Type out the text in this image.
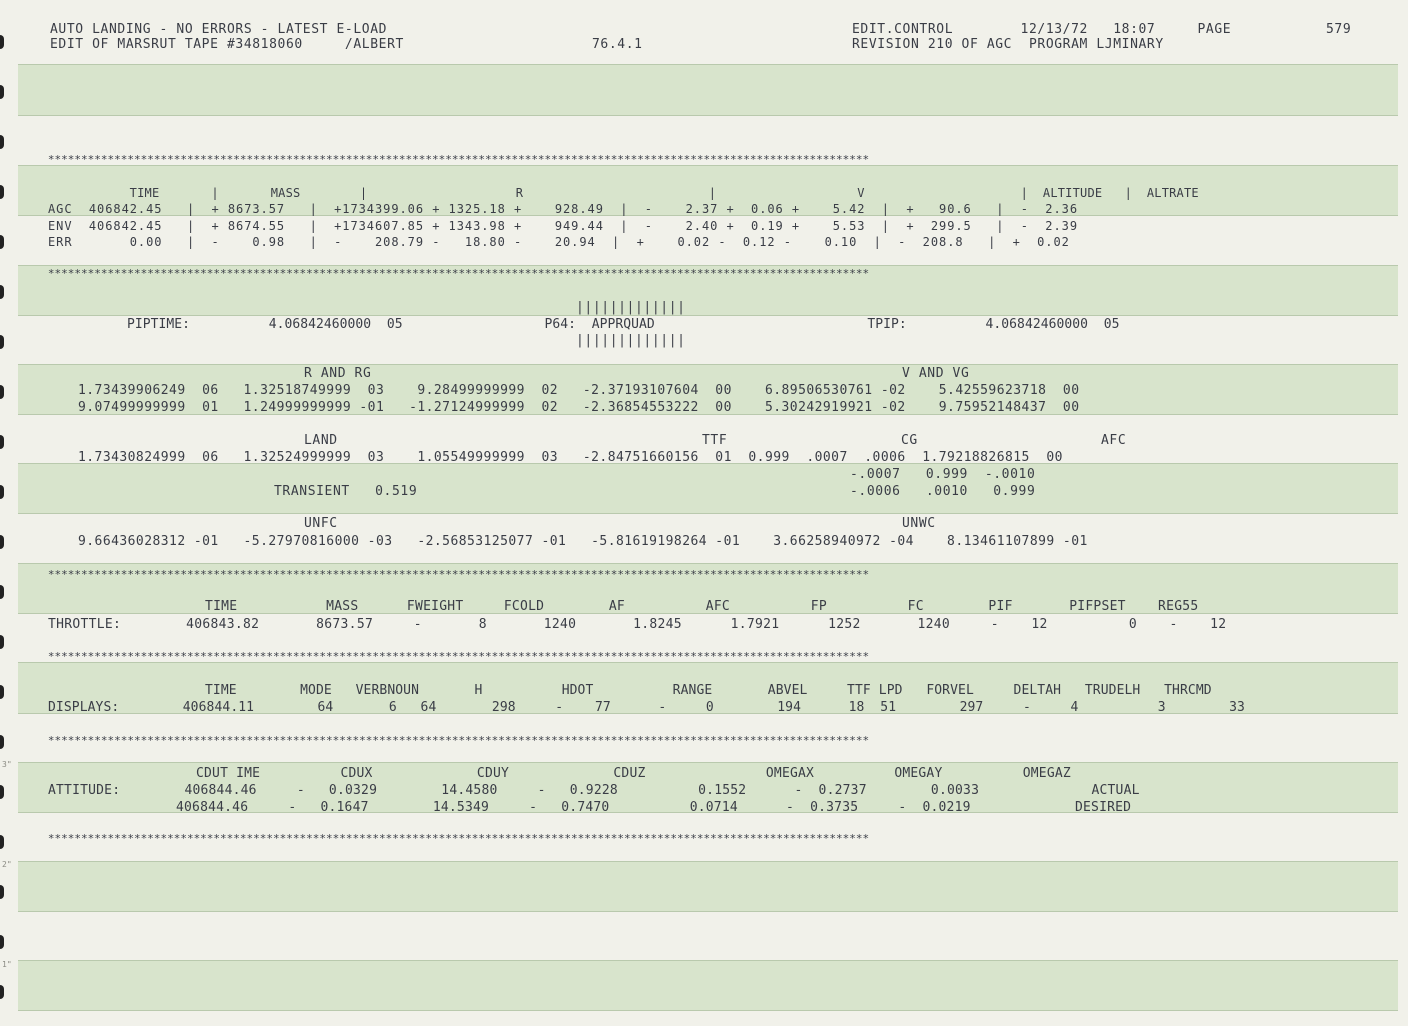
3"
2"
1"
AUTO LANDING - NO ERRORS - LATEST E-LOAD
EDIT OF MARSRUT TAPE #34818060     /ALBERT	76.4.1
EDIT.CONTROL        12/13/72   18:07     PAGE	579
REVISION 210 OF AGC  PROGRAM LJMINARY
****************************************************************************************************************************
TIME       |       MASS        |                    R                         |                   V                     |  ALTITUDE   |  ALTRATE
AGC  406842.45   |  + 8673.57   |  +1734399.06 + 1325.18 +    928.49  |  -    2.37 +  0.06 +    5.42  |  +   90.6   |  -  2.36
ENV  406842.45   |  + 8674.55   |  +1734607.85 + 1343.98 +    949.44  |  -    2.40 +  0.19 +    5.53  |  +  299.5   |  -  2.39
ERR       0.00   |  -    0.98   |  -    208.79 -   18.80 -    20.94  |  +    0.02 -  0.12 -    0.10  |  -  208.8   |  +  0.02
****************************************************************************************************************************
|||||||||||||
PIPTIME:          4.06842460000  05                  P64:  APPRQUAD                           TPIP:          4.06842460000  05
|||||||||||||
R AND RG	V AND VG
1.73439906249  06   1.32518749999  03    9.28499999999  02   -2.37193107604  00    6.89506530761 -02    5.42559623718  00
9.07499999999  01   1.24999999999 -01   -1.27124999999  02   -2.36854553222  00    5.30242919921 -02    9.75952148437  00
LAND	TTF	CG	AFC
1.73430824999  06   1.32524999999  03    1.05549999999  03   -2.84751660156  01  0.999  .0007  .0006  1.79218826815  00
-.0007   0.999  -.0010
-.0006   .0010   0.999
TRANSIENT   0.519
UNFC	UNWC
9.66436028312 -01   -5.27970816000 -03   -2.56853125077 -01   -5.81619198264 -01    3.66258940972 -04    8.13461107899 -01
****************************************************************************************************************************
TIME           MASS      FWEIGHT     FCOLD        AF          AFC          FP          FC        PIF       PIFPSET    REG55
THROTTLE:        406843.82       8673.57     -       8       1240       1.8245      1.7921      1252       1240     -    12          0    -    12
****************************************************************************************************************************
TIME        MODE   VERBNOUN       H          HDOT          RANGE       ABVEL     TTF LPD   FORVEL     DELTAH   TRUDELH   THRCMD
DISPLAYS:        406844.11        64       6   64       298     -    77      -     0        194      18  51        297     -     4          3        33
****************************************************************************************************************************
CDUT IME          CDUX             CDUY             CDUZ               OMEGAX          OMEGAY          OMEGAZ
ATTITUDE:        406844.46     -   0.0329        14.4580     -   0.9228          0.1552      -  0.2737        0.0033              ACTUAL
406844.46     -   0.1647        14.5349     -   0.7470          0.0714      -  0.3735     -  0.0219             DESIRED
****************************************************************************************************************************
